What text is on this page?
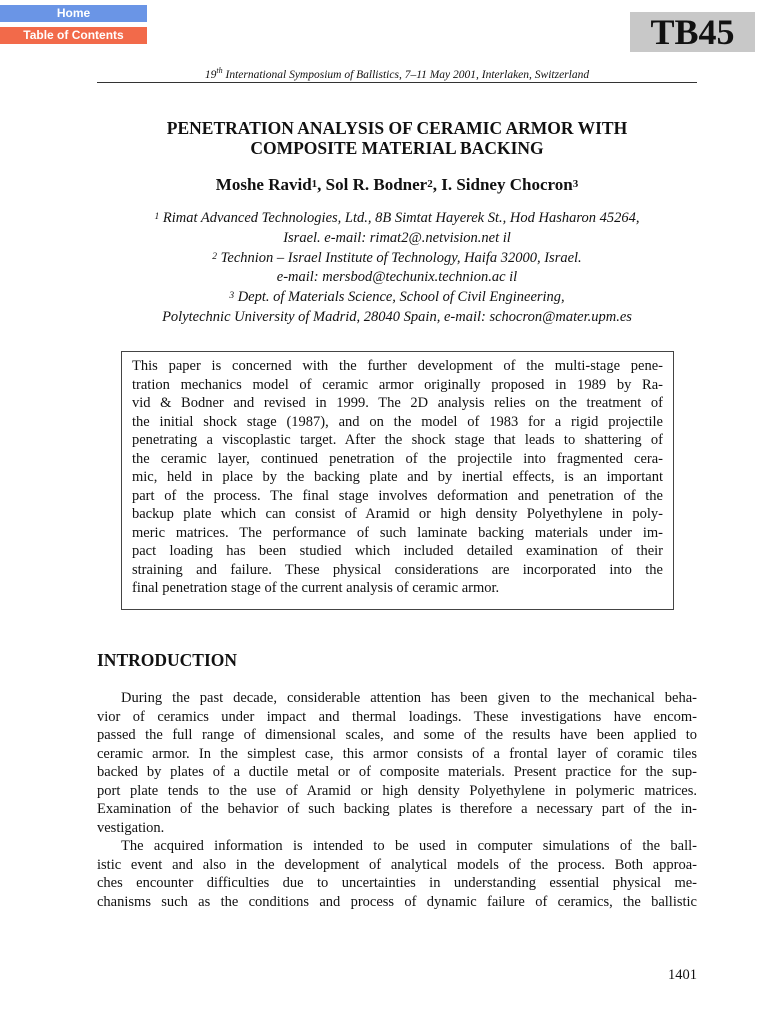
Home
Table of Contents	TB45
19th International Symposium of Ballistics, 7–11 May 2001, Interlaken, Switzerland
PENETRATION ANALYSIS OF CERAMIC ARMOR WITH
COMPOSITE MATERIAL BACKING
Moshe Ravid$^1$, Sol R. Bodner$^2$, I. Sidney Chocron$^3$
$^1$ Rimat Advanced Technologies, Ltd., 8B Simtat Hayerek St., Hod Hasharon 45264,
Israel. e-mail: rimat2@.netvision.net il
$^2$ Technion – Israel Institute of Technology, Haifa 32000, Israel.
e-mail: mersbod@techunix.technion.ac il
$^3$ Dept. of Materials Science, School of Civil Engineering,
Polytechnic University of Madrid, 28040 Spain, e-mail: schocron@mater.upm.es
This paper is concerned with the further development of the multi-stage pene-
tration mechanics model of ceramic armor originally proposed in 1989 by Ra-
vid & Bodner and revised in 1999. The 2D analysis relies on the treatment of
the initial shock stage (1987), and on the model of 1983 for a rigid projectile
penetrating a viscoplastic target. After the shock stage that leads to shattering of
the ceramic layer, continued penetration of the projectile into fragmented cera-
mic, held in place by the backing plate and by inertial effects, is an important
part of the process. The final stage involves deformation and penetration of the
backup plate which can consist of Aramid or high density Polyethylene in poly-
meric matrices. The performance of such laminate backing materials under im-
pact loading has been studied which included detailed examination of their
straining and failure. These physical considerations are incorporated into the
final penetration stage of the current analysis of ceramic armor.
INTRODUCTION
During the past decade, considerable attention has been given to the mechanical beha-
vior of ceramics under impact and thermal loadings. These investigations have encom-
passed the full range of dimensional scales, and some of the results have been applied to
ceramic armor. In the simplest case, this armor consists of a frontal layer of coramic tiles
backed by plates of a ductile metal or of composite materials. Present practice for the sup-
port plate tends to the use of Aramid or high density Polyethylene in polymeric matrices.
Examination of the behavior of such backing plates is therefore a necessary part of the in-
vestigation.
The acquired information is intended to be used in computer simulations of the ball-
istic event and also in the development of analytical models of the process. Both approa-
ches encounter difficulties due to uncertainties in understanding essential physical me-
chanisms such as the conditions and process of dynamic failure of ceramics, the ballistic
1401
